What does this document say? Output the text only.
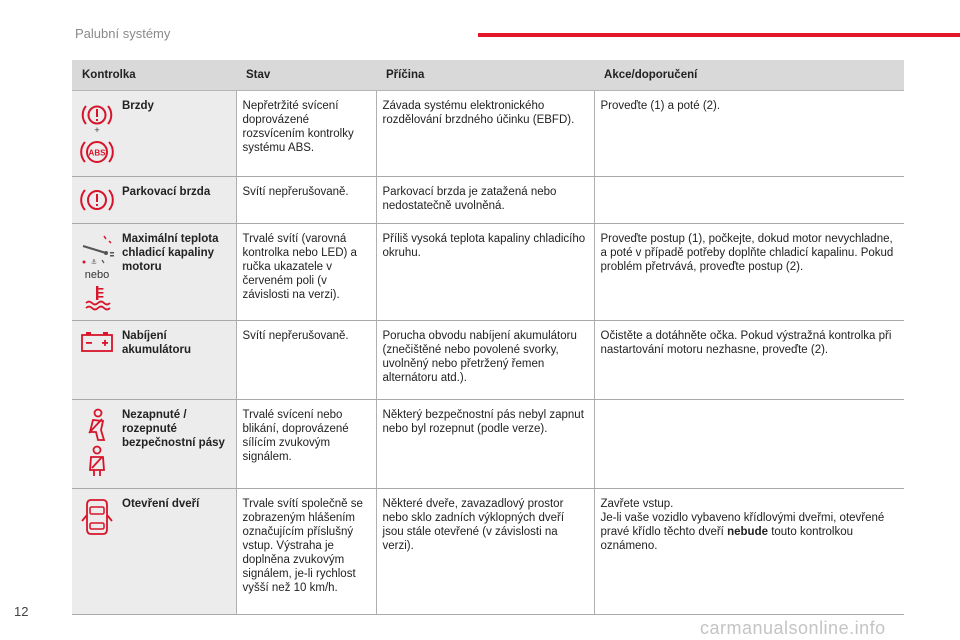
Palubní systémy
Kontrolka		Stav	Příčina	Akce/doporučení

+
ABS	Brzdy	Nepřetržité svícení doprovázené rozsvícením kontrolky systému ABS.	Závada systému elektronického rozdělování brzdného účinku (EBFD).	Proveďte (1) a poté (2).

	Parkovací brzda	Svítí nepřerušovaně.	Parkovací brzda je zatažená nebo nedostatečně uvolněná.	

⚓
nebo	Maximální teplota chladicí kapaliny motoru	Trvalé svítí (varovná kontrolka nebo LED) a ručka ukazatele v červeném poli (v závislosti na verzi).	Příliš vysoká teplota kapaliny chladicího okruhu.	Proveďte postup (1), počkejte, dokud motor nevychladne, a poté v případě potřeby doplňte chladicí kapalinu. Pokud problém přetrvává, proveďte postup (2).

	Nabíjení akumulátoru	Svítí nepřerušovaně.	Porucha obvodu nabíjení akumulátoru (znečištěné nebo povolené svorky, uvolněný nebo přetržený řemen alternátoru atd.).	Očistěte a dotáhněte očka. Pokud výstražná kontrolka při nastartování motoru nezhasne, proveďte (2).

	Nezapnuté / rozepnuté bezpečnostní pásy	Trvalé svícení nebo blikání, doprovázené sílícím zvukovým signálem.	Některý bezpečnostní pás nebyl zapnut nebo byl rozepnut (podle verze).	

	Otevření dveří	Trvale svítí společně se zobrazeným hlášením označujícím příslušný vstup. Výstraha je doplněna zvukovým signálem, je-li rychlost vyšší než 10 km/h.	Některé dveře, zavazadlový prostor nebo sklo zadních výklopných dveří jsou stále otevřené (v závislosti na verzi).	Zavřete vstup.
Je-li vaše vozidlo vybaveno křídlovými dveřmi, otevřené pravé křídlo těchto dveří nebude touto kontrolkou oznámeno.
12
carmanualsonline.info
